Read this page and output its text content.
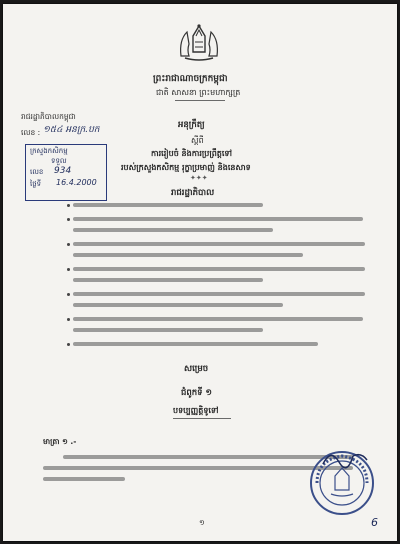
ព្រះរាជាណាចក្រកម្ពុជា
ជាតិ សាសនា ព្រះមហាក្សត្រ
រាជរដ្ឋាភិបាលកម្ពុជា
លេខ : ១៥៤ អនក្រ.បក	អនុក្រឹត្យ
ស្តីពី
ការរៀបចំ និងការប្រព្រឹត្តទៅ
របស់ក្រសួងកសិកម្ម រុក្ខាប្រមាញ់ និងនេសាទ
✦✦✦
ក្រសួងកសិកម្ម
ទទួល
លេខ 934
ថ្ងៃទី 16.4.2000
រាជរដ្ឋាភិបាល
សម្រេច
ជំពូកទី ១
បទប្បញ្ញត្តិទូទៅ
មាត្រា ១ .-
១	6
